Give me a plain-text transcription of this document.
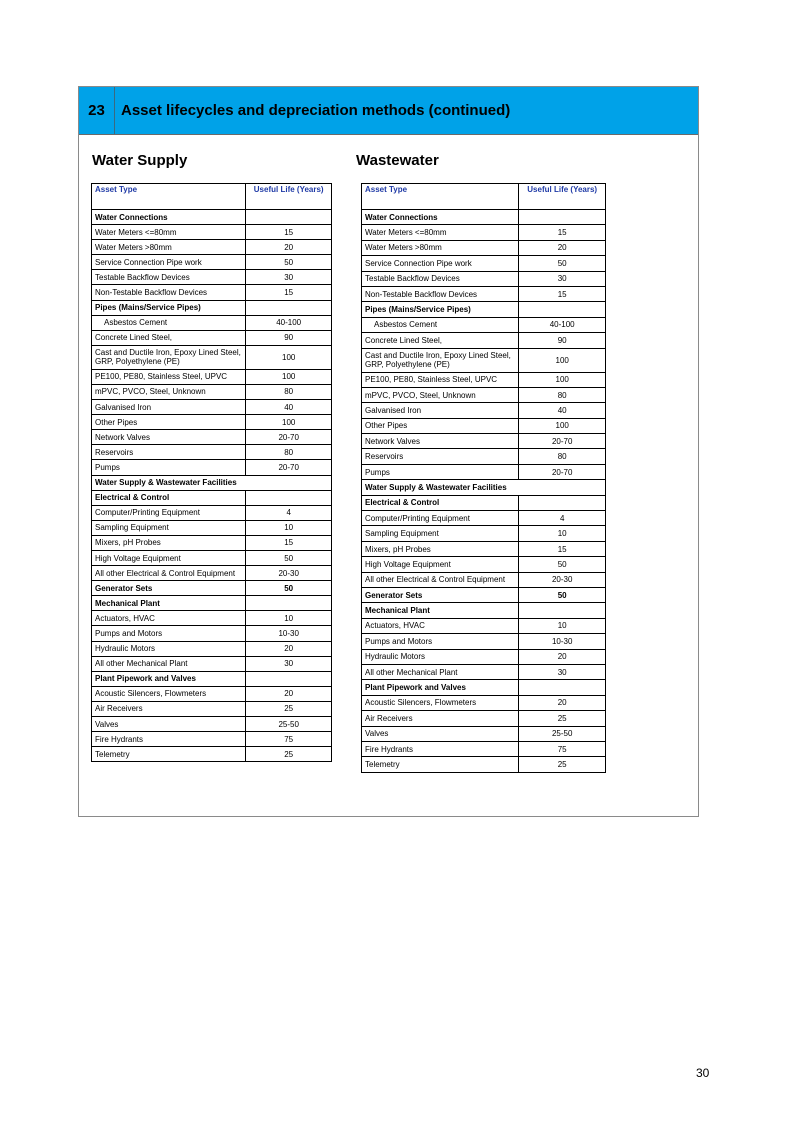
23	Asset lifecycles and depreciation methods (continued)
Water Supply	Wastewater
Asset Type	Useful Life (Years)
Water Connections	
Water Meters <=80mm	15
Water Meters >80mm	20
Service Connection Pipe work	50
Testable Backflow Devices	30
Non-Testable Backflow Devices	15
Pipes (Mains/Service Pipes)	
Asbestos Cement	40-100
Concrete Lined Steel,	90
Cast and Ductile Iron, Epoxy Lined Steel, GRP, Polyethylene (PE)	100
PE100, PE80, Stainless Steel, UPVC	100
mPVC, PVCO, Steel, Unknown	80
Galvanised Iron	40
Other Pipes	100
Network Valves	20-70
Reservoirs	80
Pumps	20-70
Water Supply & Wastewater Facilities	
Electrical & Control	
Computer/Printing Equipment	4
Sampling Equipment	10
Mixers, pH Probes	15
High Voltage Equipment	50
All other Electrical & Control Equipment	20-30
Generator Sets	50
Mechanical Plant	
Actuators, HVAC	10
Pumps and Motors	10-30
Hydraulic Motors	20
All other Mechanical Plant	30
Plant Pipework and Valves	
Acoustic Silencers, Flowmeters	20
Air Receivers	25
Valves	25-50
Fire Hydrants	75
Telemetry	25
Asset Type	Useful Life (Years)
Water Connections	
Water Meters <=80mm	15
Water Meters >80mm	20
Service Connection Pipe work	50
Testable Backflow Devices	30
Non-Testable Backflow Devices	15
Pipes (Mains/Service Pipes)	
Asbestos Cement	40-100
Concrete Lined Steel,	90
Cast and Ductile Iron, Epoxy Lined Steel, GRP, Polyethylene (PE)	100
PE100, PE80, Stainless Steel, UPVC	100
mPVC, PVCO, Steel, Unknown	80
Galvanised Iron	40
Other Pipes	100
Network Valves	20-70
Reservoirs	80
Pumps	20-70
Water Supply & Wastewater Facilities	
Electrical & Control	
Computer/Printing Equipment	4
Sampling Equipment	10
Mixers, pH Probes	15
High Voltage Equipment	50
All other Electrical & Control Equipment	20-30
Generator Sets	50
Mechanical Plant	
Actuators, HVAC	10
Pumps and Motors	10-30
Hydraulic Motors	20
All other Mechanical Plant	30
Plant Pipework and Valves	
Acoustic Silencers, Flowmeters	20
Air Receivers	25
Valves	25-50
Fire Hydrants	75
Telemetry	25
30
